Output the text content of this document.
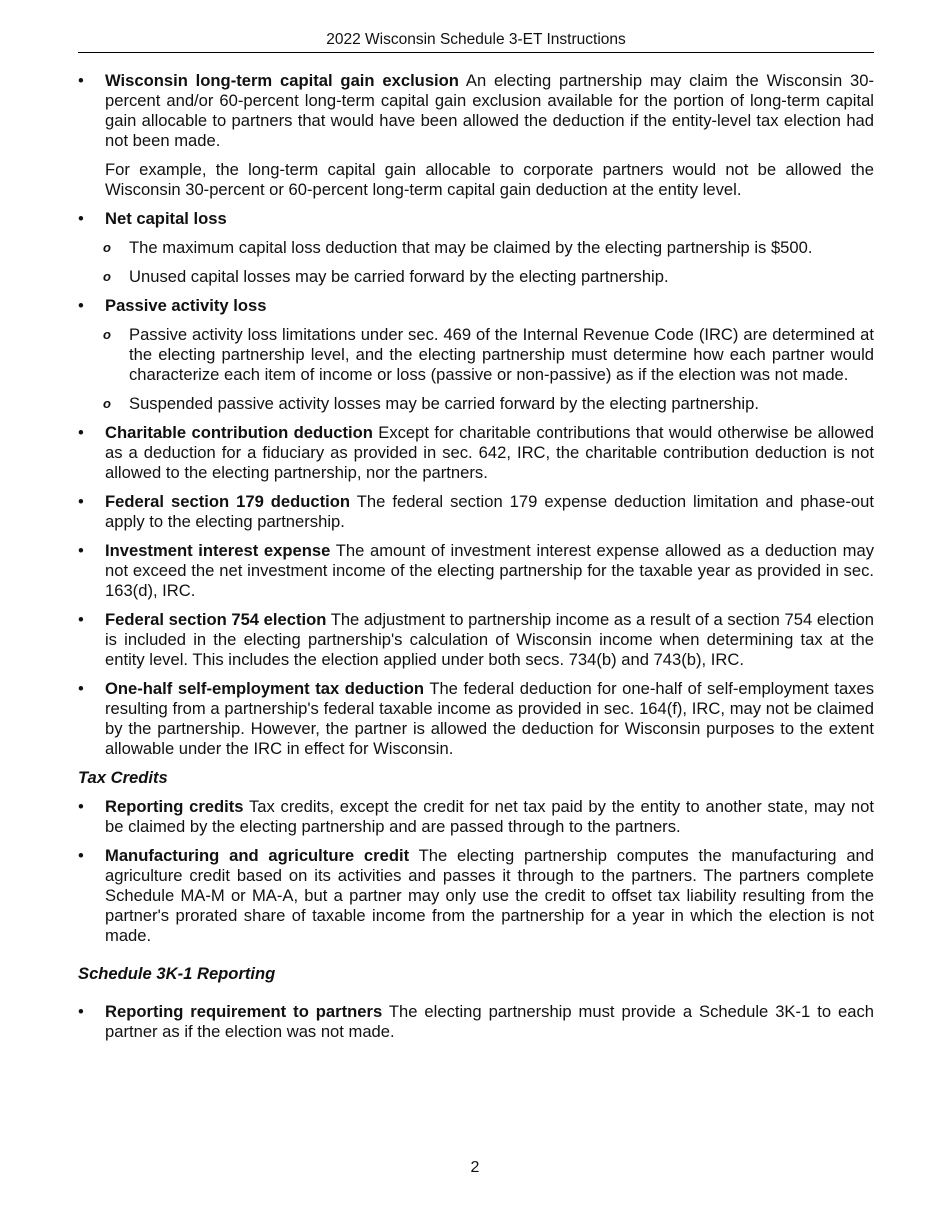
2022 Wisconsin Schedule 3-ET Instructions
• Wisconsin long-term capital gain exclusion An electing partnership may claim the Wisconsin 30-percent and/or 60-percent long-term capital gain exclusion available for the portion of long-term capital gain allocable to partners that would have been allowed the deduction if the entity-level tax election had not been made.

For example, the long-term capital gain allocable to corporate partners would not be allowed the Wisconsin 30-percent or 60-percent long-term capital gain deduction at the entity level.

• Net capital loss

o The maximum capital loss deduction that may be claimed by the electing partnership is $500.

o Unused capital losses may be carried forward by the electing partnership.

• Passive activity loss

o Passive activity loss limitations under sec. 469 of the Internal Revenue Code (IRC) are determined at the electing partnership level, and the electing partnership must determine how each partner would characterize each item of income or loss (passive or non-passive) as if the election was not made.

o Suspended passive activity losses may be carried forward by the electing partnership.

• Charitable contribution deduction Except for charitable contributions that would otherwise be allowed as a deduction for a fiduciary as provided in sec. 642, IRC, the charitable contribution deduction is not allowed to the electing partnership, nor the partners.

• Federal section 179 deduction The federal section 179 expense deduction limitation and phase-out apply to the electing partnership.

• Investment interest expense The amount of investment interest expense allowed as a deduction may not exceed the net investment income of the electing partnership for the taxable year as provided in sec. 163(d), IRC.

• Federal section 754 election The adjustment to partnership income as a result of a section 754 election is included in the electing partnership's calculation of Wisconsin income when determining tax at the entity level. This includes the election applied under both secs. 734(b) and 743(b), IRC.

• One-half self-employment tax deduction The federal deduction for one-half of self-employment taxes resulting from a partnership's federal taxable income as provided in sec. 164(f), IRC, may not be claimed by the partnership. However, the partner is allowed the deduction for Wisconsin purposes to the extent allowable under the IRC in effect for Wisconsin.

Tax Credits

• Reporting credits Tax credits, except the credit for net tax paid by the entity to another state, may not be claimed by the electing partnership and are passed through to the partners.

• Manufacturing and agriculture credit The electing partnership computes the manufacturing and agriculture credit based on its activities and passes it through to the partners. The partners complete Schedule MA-M or MA-A, but a partner may only use the credit to offset tax liability resulting from the partner's prorated share of taxable income from the partnership for a year in which the election is not made.

Schedule 3K-1 Reporting

• Reporting requirement to partners The electing partnership must provide a Schedule 3K-1 to each partner as if the election was not made.

2
